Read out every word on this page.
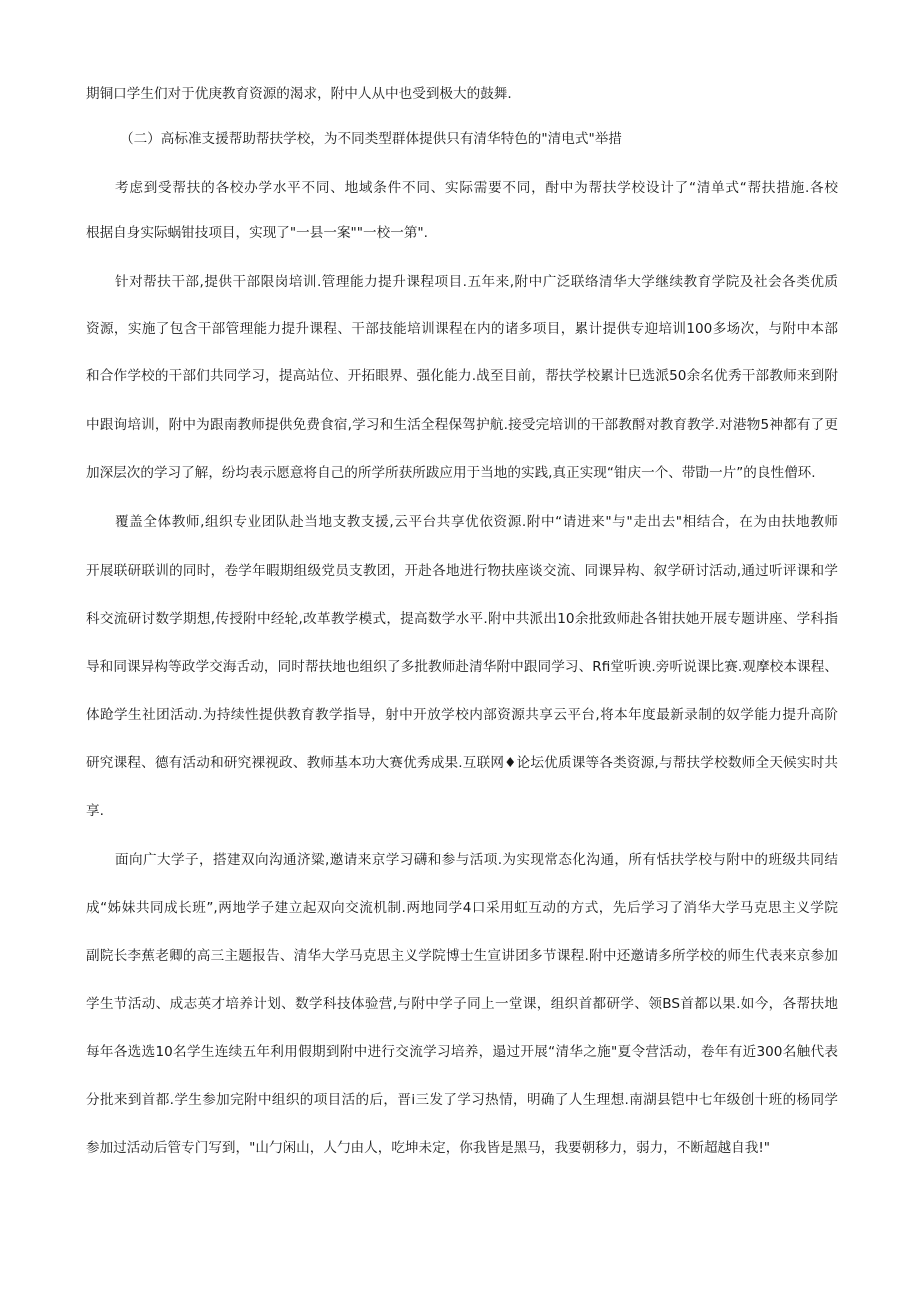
期铜口学生们对于优庚教育资源的渴求，附中人从中也受到极大的鼓舞.
（二）高标准支援帮助帮扶学校，为不同类型群体提供只有清华特色的"清电式"举措
考虑到受帮扶的各校办学水平不同、地域条件不同、实际需要不同，酎中为帮扶学校设计了“清单式“帮扶措施.各校
根据自身实际蜗钳技项目，实现了"一县一案""一校一第".
针对帮扶干部,提供干部限岗培训.管理能力提升课程项目.五年来,附中广泛联络清华大学继续教育学院及社会各类优质
资源，实施了包含干部管理能力提升课程、干部技能培训课程在内的诸多项目，累计提供专迎培训100多场次，与附中本部
和合作学校的干部们共同学习，提高站位、开拓眼界、强化能力.战至目前，帮扶学校累计巳选派50余名优秀干部教师来到附
中跟询培训，附中为跟南教师提供免费食宿,学习和生活全程保驾护航.接受完培训的干部教酹对教育教学.对港物5神都有了更
加深层次的学习了解，纷均表示愿意将自己的所学所获所跋应用于当地的实践,真正实现“钳庆一个、带勖一片”的良性僧环.
覆盖全体教师,组织专业团队赴当地支教支援,云平台共享优依资源.附中“请进来"与"走出去"相结合，在为由扶地教师
开展联研联训的同时，卷学年暇期组级党员支教团，开赴各地进行物扶座谈交流、同课异构、叙学研讨活动,通过听评课和学
科交流研讨数学期想,传授附中经轮,改革教学模式，提高数学水平.附中共派出10余批致师赴各钳扶她开展专题讲座、学科指
导和同课异构等政学交海舌动，同时帮扶地也组织了多批教师赴清华附中跟同学习、Rfi堂听谀.旁听说课比赛.观摩校本课程、
体跄学生社团活动.为持续性提供教育教学指导，射中开放学校内部资源共享云平台,将本年度最新录制的奴学能力提升高阶
研究课程、德有活动和研究裸视政、教师基本功大赛优秀成果.互联网♦论坛优质课等各类资源,与帮扶学校数师全天候实时共
享.
面向广大学子，搭建双向沟通济粱,邀请来京学习礴和参与活项.为实现常态化沟通，所有恬扶学校与附中的班级共同结
成“姊妹共同成长班”,两地学子建立起双向交流机制.两地同学4口采用虹互动的方式，先后学习了消华大学马克思主义学院
副院长李蕉老卿的高三主题报告、清华大学马克思主义学院博士生宣讲团多节课程.附中还邀请多所学校的师生代表来京参加
学生节活动、成志英才培养计划、数学科技体验营,与附中学子同上一堂课，组织首都研学、领BS首都以果.如今，各帮扶地
每年各选选10名学生连续五年利用假期到附中进行交流学习培养，遢过开展“清华之施"夏令营活动，卷年有近300名触代表
分批来到首都.学生参加完附中组织的项目活的后，晋i三发了学习热情，明确了人生理想.南湖县铠中七年级创十班的杨同学
参加过活动后管专门写到，"山勹闲山，人勹由人，吃坤未定，你我皆是黑马，我要朝移力，弱力，不断超越自我!"
